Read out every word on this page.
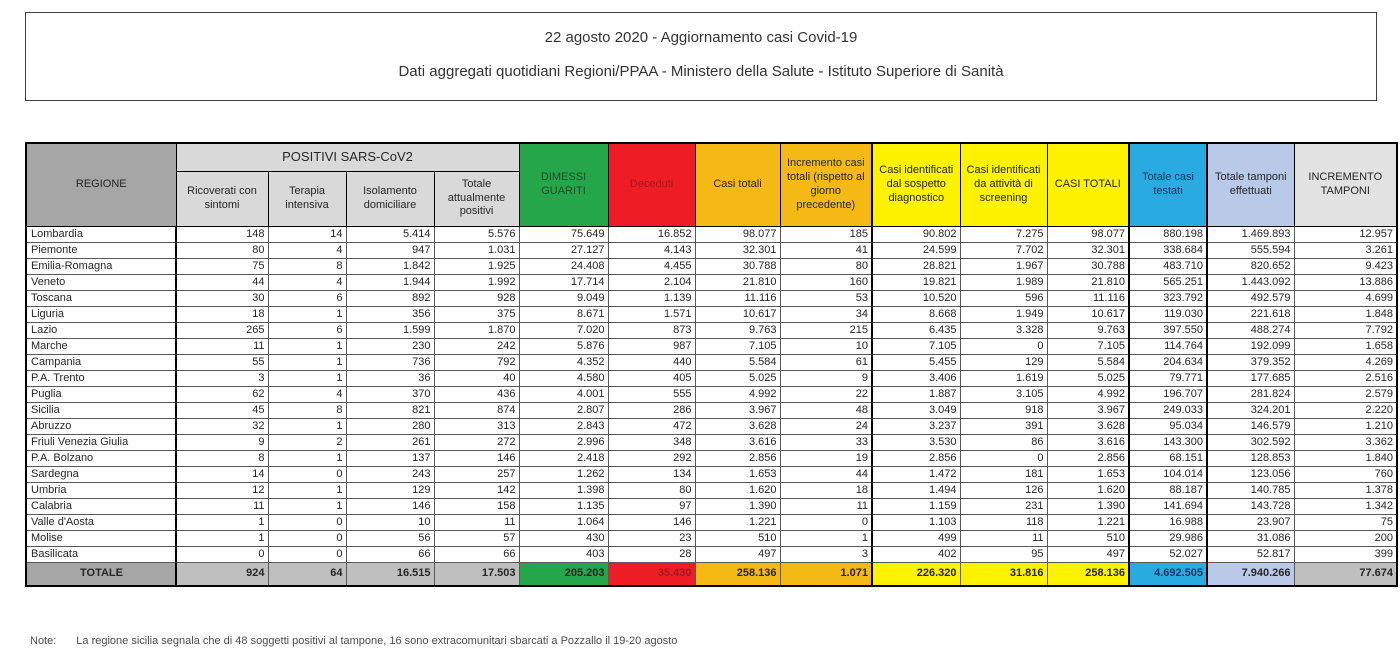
22 agosto 2020 - Aggiornamento casi Covid-19
Dati aggregati quotidiani Regioni/PPAA - Ministero della Salute - Istituto Superiore di Sanità
REGIONE	POSITIVI SARS-CoV2				DIMESSI GUARITI	Deceduti	Casi totali	Incremento casi totali (rispetto al giorno precedente)	Casi identificati dal sospetto diagnostico	Casi identificati da attività di screening	CASI TOTALI	Totale casi testati	Totale tamponi effettuati	INCREMENTO TAMPONI
	Ricoverati con sintomi	Terapia intensiva	Isolamento domiciliare	Totale attualmente positivi										
Lombardia	148	14	5.414	5.576	75.649	16.852	98.077	185	90.802	7.275	98.077	880.198	1.469.893	12.957
Piemonte	80	4	947	1.031	27.127	4.143	32.301	41	24.599	7.702	32.301	338.684	555.594	3.261
Emilia-Romagna	75	8	1.842	1.925	24.408	4.455	30.788	80	28.821	1.967	30.788	483.710	820.652	9.423
Veneto	44	4	1.944	1.992	17.714	2.104	21.810	160	19.821	1.989	21.810	565.251	1.443.092	13.886
Toscana	30	6	892	928	9.049	1.139	11.116	53	10.520	596	11.116	323.792	492.579	4.699
Liguria	18	1	356	375	8.671	1.571	10.617	34	8.668	1.949	10.617	119.030	221.618	1.848
Lazio	265	6	1.599	1.870	7.020	873	9.763	215	6.435	3.328	9.763	397.550	488.274	7.792
Marche	11	1	230	242	5.876	987	7.105	10	7.105	0	7.105	114.764	192.099	1.658
Campania	55	1	736	792	4.352	440	5.584	61	5.455	129	5.584	204.634	379.352	4.269
P.A. Trento	3	1	36	40	4.580	405	5.025	9	3.406	1.619	5.025	79.771	177.685	2.516
Puglia	62	4	370	436	4.001	555	4.992	22	1.887	3.105	4.992	196.707	281.824	2.579
Sicilia	45	8	821	874	2.807	286	3.967	48	3.049	918	3.967	249.033	324.201	2.220
Abruzzo	32	1	280	313	2.843	472	3.628	24	3.237	391	3.628	95.034	146.579	1.210
Friuli Venezia Giulia	9	2	261	272	2.996	348	3.616	33	3.530	86	3.616	143.300	302.592	3.362
P.A. Bolzano	8	1	137	146	2.418	292	2.856	19	2.856	0	2.856	68.151	128.853	1.840
Sardegna	14	0	243	257	1.262	134	1.653	44	1.472	181	1.653	104.014	123.056	760
Umbria	12	1	129	142	1.398	80	1.620	18	1.494	126	1.620	88.187	140.785	1.378
Calabria	11	1	146	158	1.135	97	1.390	11	1.159	231	1.390	141.694	143.728	1.342
Valle d'Aosta	1	0	10	11	1.064	146	1.221	0	1.103	118	1.221	16.988	23.907	75
Molise	1	0	56	57	430	23	510	1	499	11	510	29.986	31.086	200
Basilicata	0	0	66	66	403	28	497	3	402	95	497	52.027	52.817	399
TOTALE	924	64	16.515	17.503	205.203	35.430	258.136	1.071	226.320	31.816	258.136	4.692.505	7.940.266	77.674
Note: La regione sicilia segnala che di 48 soggetti positivi al tampone, 16 sono extracomunitari sbarcati a Pozzallo il 19-20 agosto
